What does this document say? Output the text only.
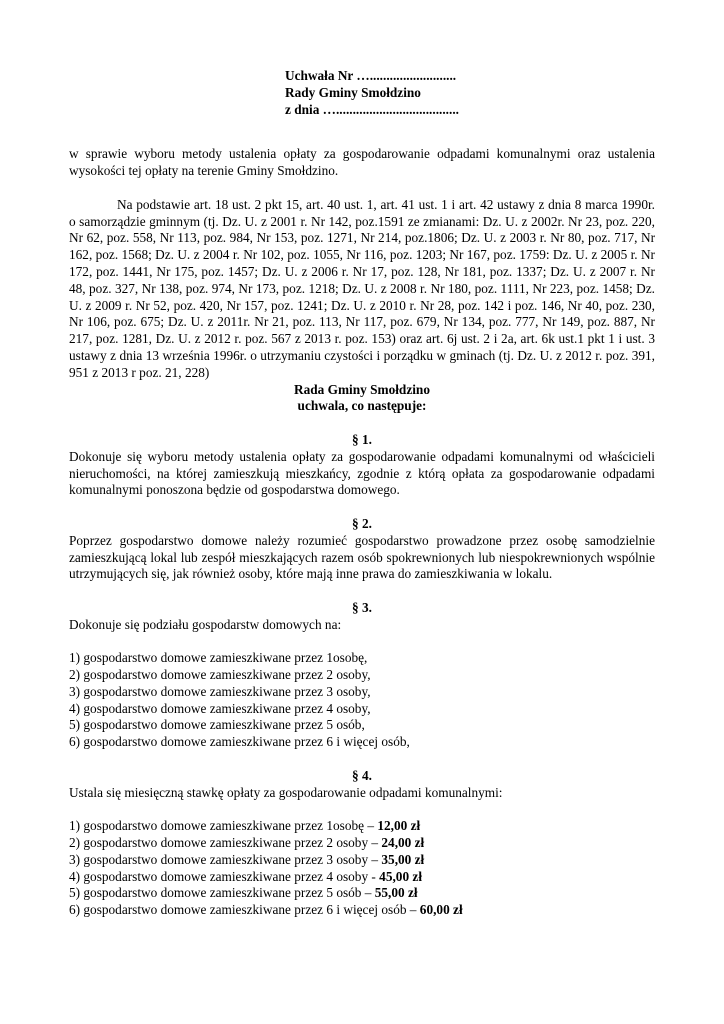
Uchwała Nr …..........................
Rady Gminy Smołdzino
z dnia ….....................................

w sprawie wyboru metody ustalenia opłaty za gospodarowanie odpadami komunalnymi oraz ustalenia wysokości tej opłaty na terenie Gminy Smołdzino.

Na podstawie art. 18 ust. 2 pkt 15, art. 40 ust. 1, art. 41 ust. 1 i art. 42 ustawy z dnia 8 marca 1990r. o samorządzie gminnym (tj. Dz. U. z 2001 r. Nr 142, poz.1591 ze zmianami: Dz. U. z 2002r. Nr 23, poz. 220, Nr 62, poz. 558, Nr 113, poz. 984, Nr 153, poz. 1271, Nr 214, poz.1806; Dz. U. z 2003 r. Nr 80, poz. 717, Nr 162, poz. 1568; Dz. U. z 2004 r. Nr 102, poz. 1055, Nr 116, poz. 1203; Nr 167, poz. 1759: Dz. U. z 2005 r. Nr 172, poz. 1441, Nr 175, poz. 1457; Dz. U. z 2006 r. Nr 17, poz. 128, Nr 181, poz. 1337; Dz. U. z 2007 r. Nr 48, poz. 327, Nr 138, poz. 974, Nr 173, poz. 1218; Dz. U. z 2008 r. Nr 180, poz. 1111, Nr 223, poz. 1458; Dz. U. z 2009 r. Nr 52, poz. 420, Nr 157, poz. 1241; Dz. U. z 2010 r. Nr 28, poz. 142 i poz. 146, Nr 40, poz. 230, Nr 106, poz. 675; Dz. U. z 2011r. Nr 21, poz. 113, Nr 117, poz. 679, Nr 134, poz. 777, Nr 149, poz. 887, Nr 217, poz. 1281, Dz. U. z 2012 r. poz. 567 z 2013 r. poz. 153) oraz art. 6j ust. 2 i 2a, art. 6k ust.1 pkt 1 i ust. 3 ustawy z dnia 13 września 1996r. o utrzymaniu czystości i porządku w gminach (tj. Dz. U. z 2012 r. poz. 391, 951 z 2013 r poz. 21, 228)

Rada Gminy Smołdzino
uchwala, co następuje:
§ 1.

Dokonuje się wyboru metody ustalenia opłaty za gospodarowanie odpadami komunalnymi od właścicieli nieruchomości, na której zamieszkują mieszkańcy, zgodnie z którą opłata za gospodarowanie odpadami komunalnymi ponoszona będzie od gospodarstwa domowego.

§ 2.

Poprzez gospodarstwo domowe należy rozumieć gospodarstwo prowadzone przez osobę samodzielnie zamieszkującą lokal lub zespół mieszkających razem osób spokrewnionych lub niespokrewnionych wspólnie utrzymujących się, jak również osoby, które mają inne prawa do zamieszkiwania w lokalu.

§ 3.

Dokonuje się podziału gospodarstw domowych na:

1) gospodarstwo domowe zamieszkiwane przez 1osobę,
2) gospodarstwo domowe zamieszkiwane przez 2 osoby,
3) gospodarstwo domowe zamieszkiwane przez 3 osoby,
4) gospodarstwo domowe zamieszkiwane przez 4 osoby,
5) gospodarstwo domowe zamieszkiwane przez 5 osób,
6) gospodarstwo domowe zamieszkiwane przez 6 i więcej osób,
§ 4.

Ustala się miesięczną stawkę opłaty za gospodarowanie odpadami komunalnymi:

1) gospodarstwo domowe zamieszkiwane przez 1osobę – 12,00 zł
2) gospodarstwo domowe zamieszkiwane przez 2 osoby – 24,00 zł
3) gospodarstwo domowe zamieszkiwane przez 3 osoby – 35,00 zł
4) gospodarstwo domowe zamieszkiwane przez 4 osoby - 45,00 zł
5) gospodarstwo domowe zamieszkiwane przez 5 osób – 55,00 zł
6) gospodarstwo domowe zamieszkiwane przez 6 i więcej osób – 60,00 zł
